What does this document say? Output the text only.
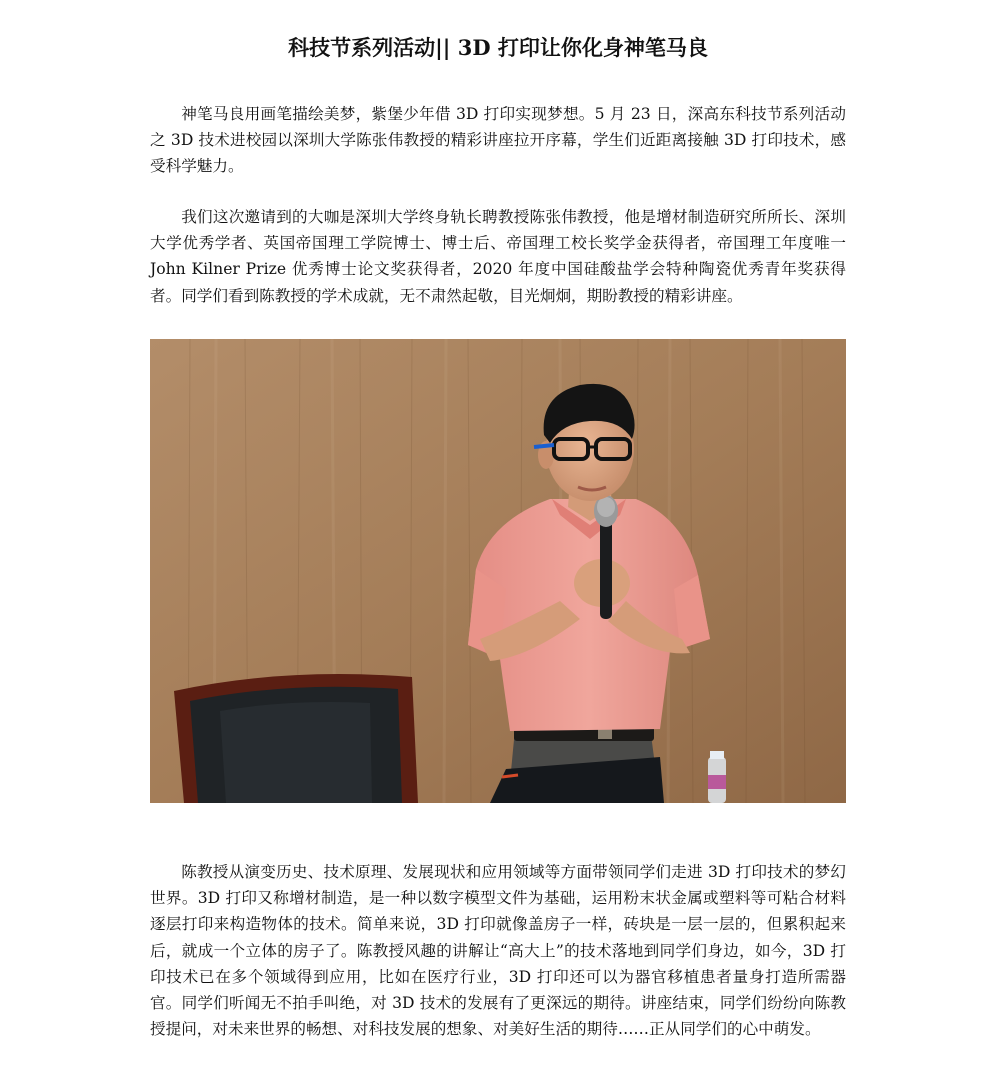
科技节系列活动|| 3D 打印让你化身神笔马良

神笔马良用画笔描绘美梦，紫堡少年借 3D 打印实现梦想。5 月 23 日，深高东科技节系列活动之 3D 技术进校园以深圳大学陈张伟教授的精彩讲座拉开序幕，学生们近距离接触 3D 打印技术，感受科学魅力。

我们这次邀请到的大咖是深圳大学终身轨长聘教授陈张伟教授，他是增材制造研究所所长、深圳大学优秀学者、英国帝国理工学院博士、博士后、帝国理工校长奖学金获得者，帝国理工年度唯一 John Kilner Prize 优秀博士论文奖获得者，2020 年度中国硅酸盐学会特种陶瓷优秀青年奖获得者。同学们看到陈教授的学术成就，无不肃然起敬，目光炯炯，期盼教授的精彩讲座。

陈教授从演变历史、技术原理、发展现状和应用领域等方面带领同学们走进 3D 打印技术的梦幻世界。3D 打印又称增材制造，是一种以数字模型文件为基础，运用粉末状金属或塑料等可粘合材料逐层打印来构造物体的技术。简单来说，3D 打印就像盖房子一样，砖块是一层一层的，但累积起来后，就成一个立体的房子了。陈教授风趣的讲解让“高大上”的技术落地到同学们身边，如今，3D 打印技术已在多个领域得到应用，比如在医疗行业，3D 打印还可以为器官移植患者量身打造所需器官。同学们听闻无不拍手叫绝，对 3D 技术的发展有了更深远的期待。讲座结束，同学们纷纷向陈教授提问，对未来世界的畅想、对科技发展的想象、对美好生活的期待……正从同学们的心中萌发。
